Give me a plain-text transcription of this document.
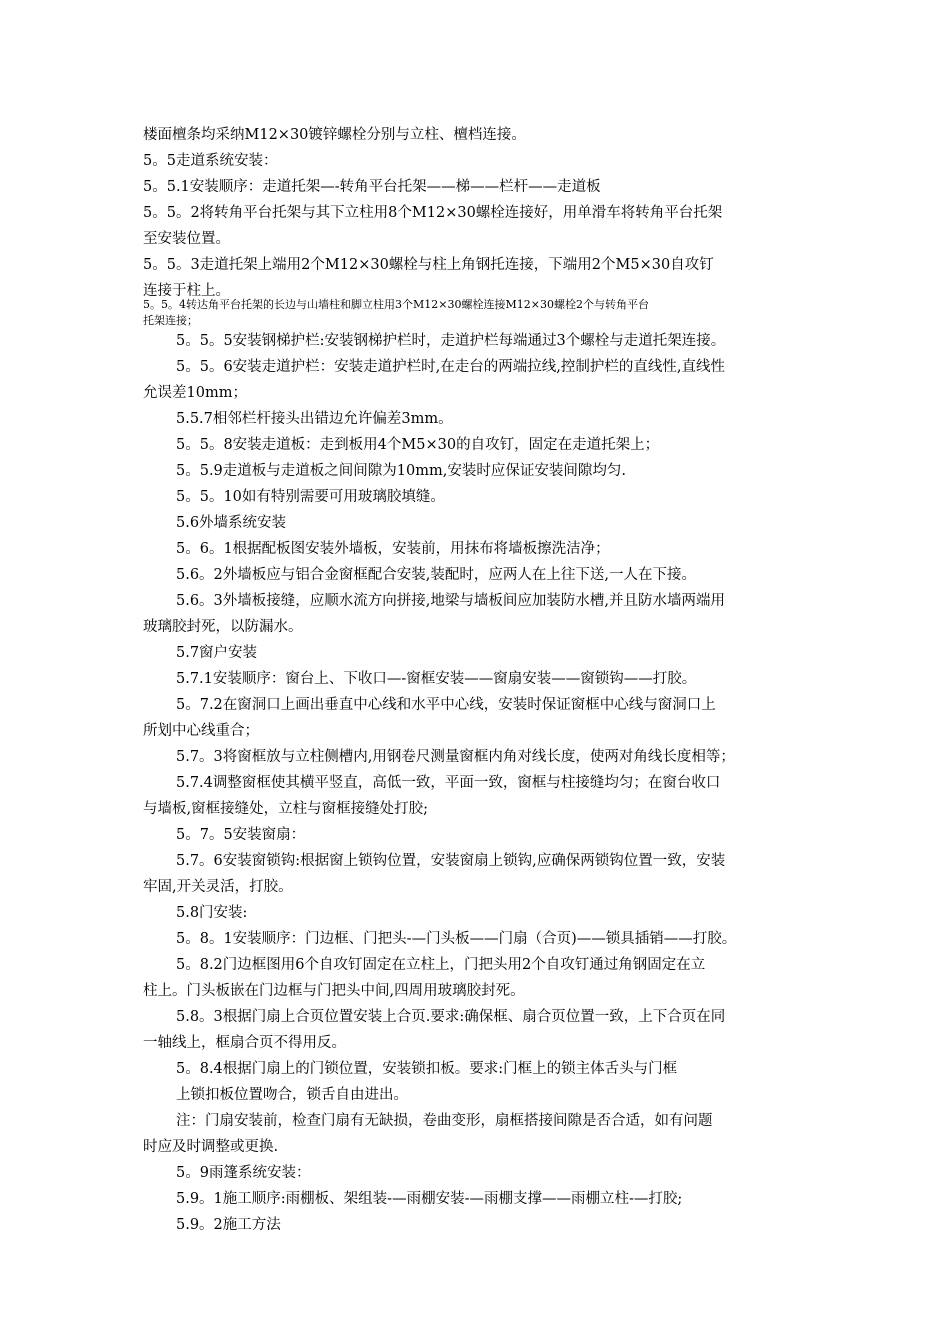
楼面檀条均采纳M12×30镀锌螺栓分别与立柱、檀档连接。
5。5走道系统安装：
5。5.1安装顺序：走道托架—-转角平台托架——梯——栏杆——走道板
5。5。2将转角平台托架与其下立柱用8个M12×30螺栓连接好，用单滑车将转角平台托架
至安装位置。
5。5。3走道托架上端用2个M12×30螺栓与柱上角钢托连接，下端用2个M5×30自攻钉
连接于柱上。
5。5。4转达角平台托架的长边与山墙柱和脚立柱用3个M12×30螺栓连接M12×30螺栓2个与转角平台
托架连接；
5。5。5安装钢梯护栏:安装钢梯护栏时，走道护栏每端通过3个螺栓与走道托架连接。
5。5。6安装走道护栏：安装走道护栏时,在走台的两端拉线,控制护栏的直线性,直线性
允误差10mm；
5.5.7相邻栏杆接头出错边允许偏差3mm。
5。5。8安装走道板：走到板用4个M5×30的自攻钉，固定在走道托架上；
5。5.9走道板与走道板之间间隙为10mm,安装时应保证安装间隙均匀.
5。5。10如有特别需要可用玻璃胶填缝。
5.6外墙系统安装
5。6。1根据配板图安装外墙板，安装前，用抹布将墙板擦洗洁净；
5.6。2外墙板应与铝合金窗框配合安装,装配时，应两人在上往下送,一人在下接。
5.6。3外墙板接缝，应顺水流方向拼接,地梁与墙板间应加装防水槽,并且防水墙两端用
玻璃胶封死，以防漏水。
5.7窗户安装
5.7.1安装顺序：窗台上、下收口—-窗框安装——窗扇安装——窗锁钩——打胶。
5。7.2在窗洞口上画出垂直中心线和水平中心线，安装时保证窗框中心线与窗洞口上
所划中心线重合；
5.7。3将窗框放与立柱侧槽内,用钢卷尺测量窗框内角对线长度，使两对角线长度相等；
5.7.4调整窗框使其横平竖直，高低一致，平面一致，窗框与柱接缝均匀；在窗台收口
与墙板,窗框接缝处，立柱与窗框接缝处打胶;
5。7。5安装窗扇：
5.7。6安装窗锁钩:根据窗上锁钩位置，安装窗扇上锁钩,应确保两锁钩位置一致，安装
牢固,开关灵活，打胶。
5.8门安装:
5。8。1安装顺序：门边框、门把头-—门头板——门扇（合页)——锁具插销——打胶。
5。8.2门边框图用6个自攻钉固定在立柱上，门把头用2个自攻钉通过角钢固定在立
柱上。门头板嵌在门边框与门把头中间,四周用玻璃胶封死。
5.8。3根据门扇上合页位置安装上合页.要求:确保框、扇合页位置一致，上下合页在同
一轴线上，框扇合页不得用反。
5。8.4根据门扇上的门锁位置，安装锁扣板。要求:门框上的锁主体舌头与门框
上锁扣板位置吻合，锁舌自由进出。
注：门扇安装前，检查门扇有无缺损，卷曲变形，扇框搭接间隙是否合适，如有问题
时应及时调整或更换.
5。9雨篷系统安装：
5.9。1施工顺序:雨棚板、架组装-—雨棚安装-—雨棚支撑——雨棚立柱-—打胶;
5.9。2施工方法
